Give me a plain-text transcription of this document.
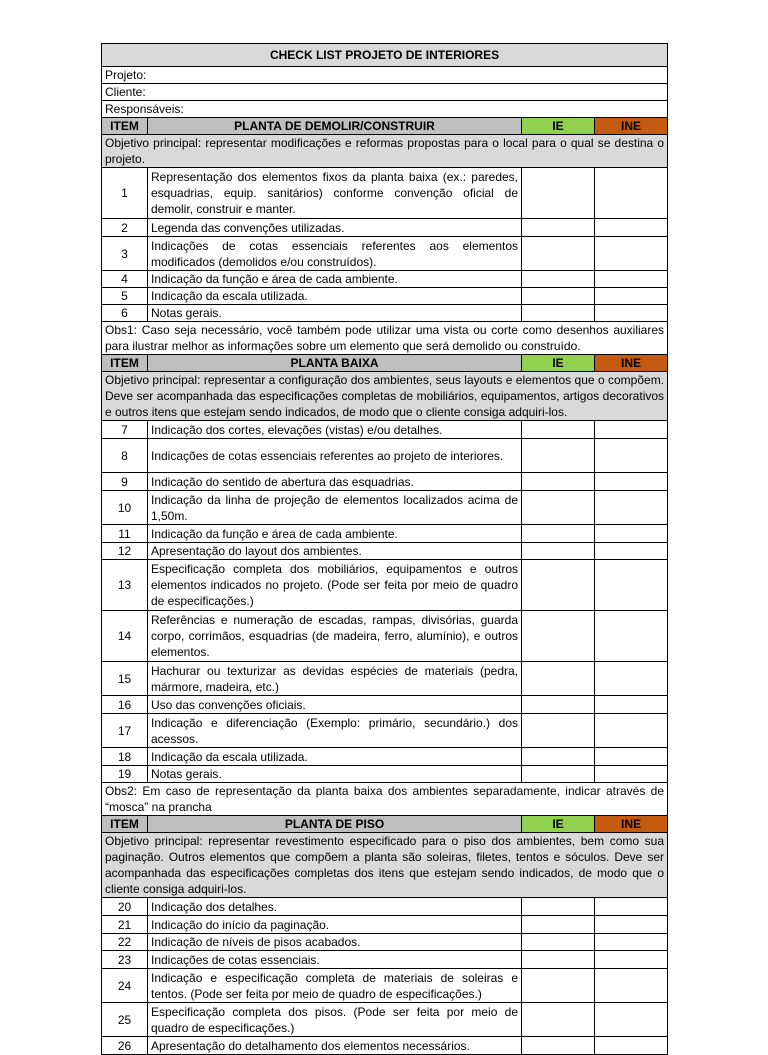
CHECK LIST PROJETO DE INTERIORES			
Projeto:			
Cliente:			
Responsáveis:			
ITEM	PLANTA DE DEMOLIR/CONSTRUIR	IE	INE
Objetivo principal: representar modificações e reformas propostas para o local para o qual se destina o projeto.			
1	Representação dos elementos fixos da planta baixa (ex.: paredes, esquadrias, equip. sanitários) conforme convenção oficial de demolir, construir e manter.		
2	Legenda das convenções utilizadas.		
3	Indicações de cotas essenciais referentes aos elementos modificados (demolidos e/ou construídos).		
4	Indicação da função e área de cada ambiente.		
5	Indicação da escala utilizada.		
6	Notas gerais.		
Obs1: Caso seja necessário, você também pode utilizar uma vista ou corte como desenhos auxiliares para ilustrar melhor as informações sobre um elemento que será demolido ou construído.			
ITEM	PLANTA BAIXA	IE	INE
Objetivo principal: representar a configuração dos ambientes, seus layouts e elementos que o compõem. Deve ser acompanhada das especificações completas de mobiliários, equipamentos, artigos decorativos e outros itens que estejam sendo indicados, de modo que o cliente consiga adquiri-los.			
7	Indicação dos cortes, elevações (vistas) e/ou detalhes.		
8	Indicações de cotas essenciais referentes ao projeto de interiores.		
9	Indicação do sentido de abertura das esquadrias.		
10	Indicação da linha de projeção de elementos localizados acima de 1,50m.		
11	Indicação da função e área de cada ambiente.		
12	Apresentação do layout dos ambientes.		
13	Especificação completa dos mobiliários, equipamentos e outros elementos indicados no projeto. (Pode ser feita por meio de quadro de especificações.)		
14	Referências e numeração de escadas, rampas, divisórias, guarda corpo, corrimãos, esquadrias (de madeira, ferro, alumínio), e outros elementos.		
15	Hachurar ou texturizar as devidas espécies de materiais (pedra, mármore, madeira, etc.)		
16	Uso das convenções oficiais.		
17	Indicação e diferenciação (Exemplo: primário, secundário.) dos acessos.		
18	Indicação da escala utilizada.		
19	Notas gerais.		
Obs2: Em caso de representação da planta baixa dos ambientes separadamente, indicar através de “mosca” na prancha			
ITEM	PLANTA DE PISO	IE	INE
Objetivo principal: representar revestimento especificado para o piso dos ambientes, bem como sua paginação. Outros elementos que compõem a planta são soleiras, filetes, tentos e sóculos. Deve ser acompanhada das especificações completas dos itens que estejam sendo indicados, de modo que o cliente consiga adquiri-los.			
20	Indicação dos detalhes.		
21	Indicação do início da paginação.		
22	Indicação de níveis de pisos acabados.		
23	Indicações de cotas essenciais.		
24	Indicação e especificação completa de materiais de soleiras e tentos. (Pode ser feita por meio de quadro de especificações.)		
25	Especificação completa dos pisos. (Pode ser feita por meio de quadro de especificações.)		
26	Apresentação do detalhamento dos elementos necessários.		
